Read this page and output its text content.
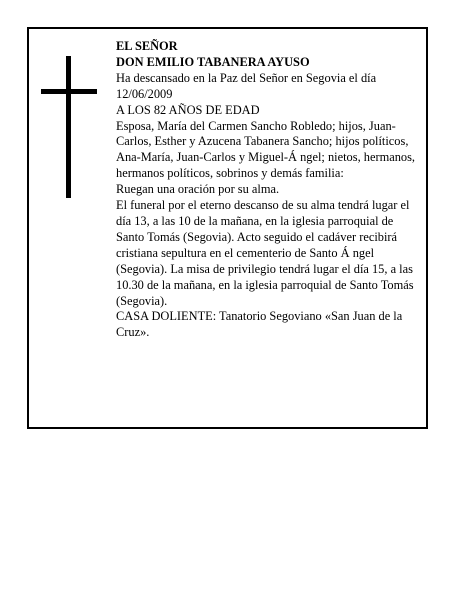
EL SEÑOR

DON EMILIO TABANERA AYUSO

Ha descansado en la Paz del Señor en Segovia el día 12/06/2009

A LOS 82 AÑOS DE EDAD

Esposa, María del Carmen Sancho Robledo; hijos, Juan-Carlos, Esther y Azucena Tabanera Sancho; hijos políticos, Ana-María, Juan-Carlos y Miguel-Á ngel; nietos, hermanos, hermanos políticos, sobrinos y demás familia:

Ruegan una oración por su alma.

El funeral por el eterno descanso de su alma tendrá lugar el día 13, a las 10 de la mañana, en la iglesia parroquial de Santo Tomás (Segovia). Acto seguido el cadáver recibirá cristiana sepultura en el cementerio de Santo Á ngel (Segovia). La misa de privilegio tendrá lugar el día 15, a las 10.30 de la mañana, en la iglesia parroquial de Santo Tomás (Segovia).

CASA DOLIENTE: Tanatorio Segoviano «San Juan de la Cruz».
